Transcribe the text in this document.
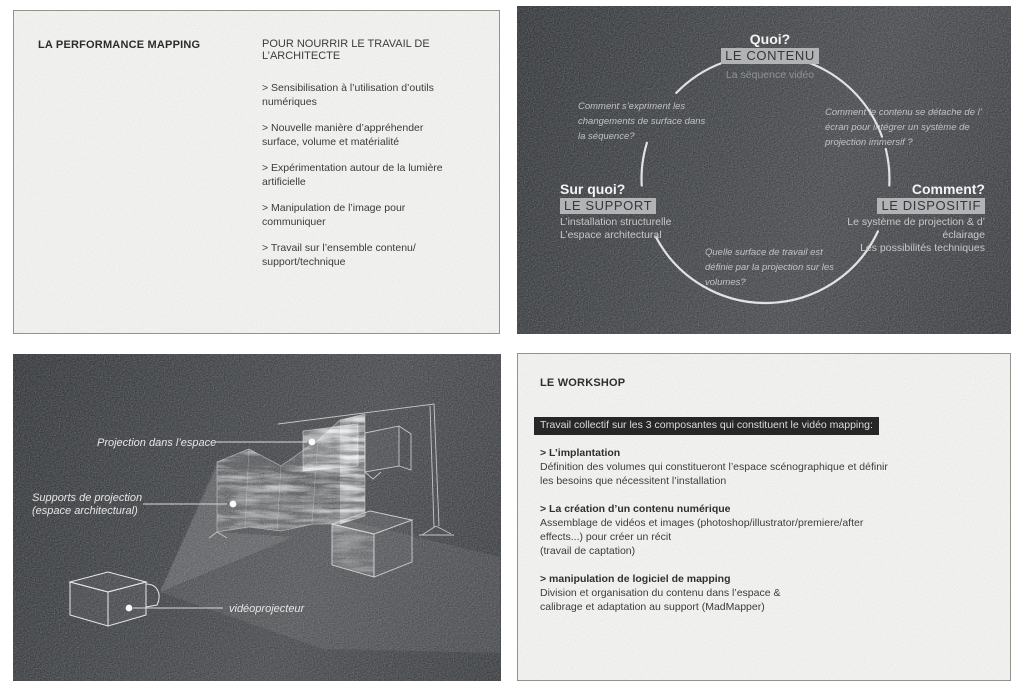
LA PERFORMANCE MAPPING	POUR NOURRIR LE TRAVAIL DE L’ARCHITECTE

> Sensibilisation à l’utilisation d’outils
numériques

> Nouvelle manière d’appréhender
surface, volume et matérialité

> Expérimentation autour de la lumière
artificielle

> Manipulation de l’image pour
communiquer

> Travail sur l’ensemble contenu/
support/technique

Quoi?
LE CONTENU
La séquence vidéo
Sur quoi?
LE SUPPORT
L’installation structurelle
L’espace architectural
Comment?
LE DISPOSITIF
Le système de projection & d’
éclairage
Les possibilités techniques
Comment s’expriment les
changements de surface dans
la séquence?
Comment le contenu se détache de l’
écran pour intégrer un système de
projection immersif ?
Quelle surface de travail est
définie par la projection sur les
volumes?
Projection dans l’espace
Supports de projection
(espace architectural)
vidéoprojecteur
LE WORKSHOP
Travail collectif sur les 3 composantes qui constituent le vidéo mapping:
> L’implantation
Définition des volumes qui constitueront l’espace scénographique et définir
les besoins que nécessitent l’installation
> La création d’un contenu numérique
Assemblage de vidéos et images (photoshop/illustrator/premiere/after
effects...) pour créer un récit
(travail de captation)
> manipulation de logiciel de mapping
Division et organisation du contenu dans l’espace &
calibrage et adaptation au support (MadMapper)
